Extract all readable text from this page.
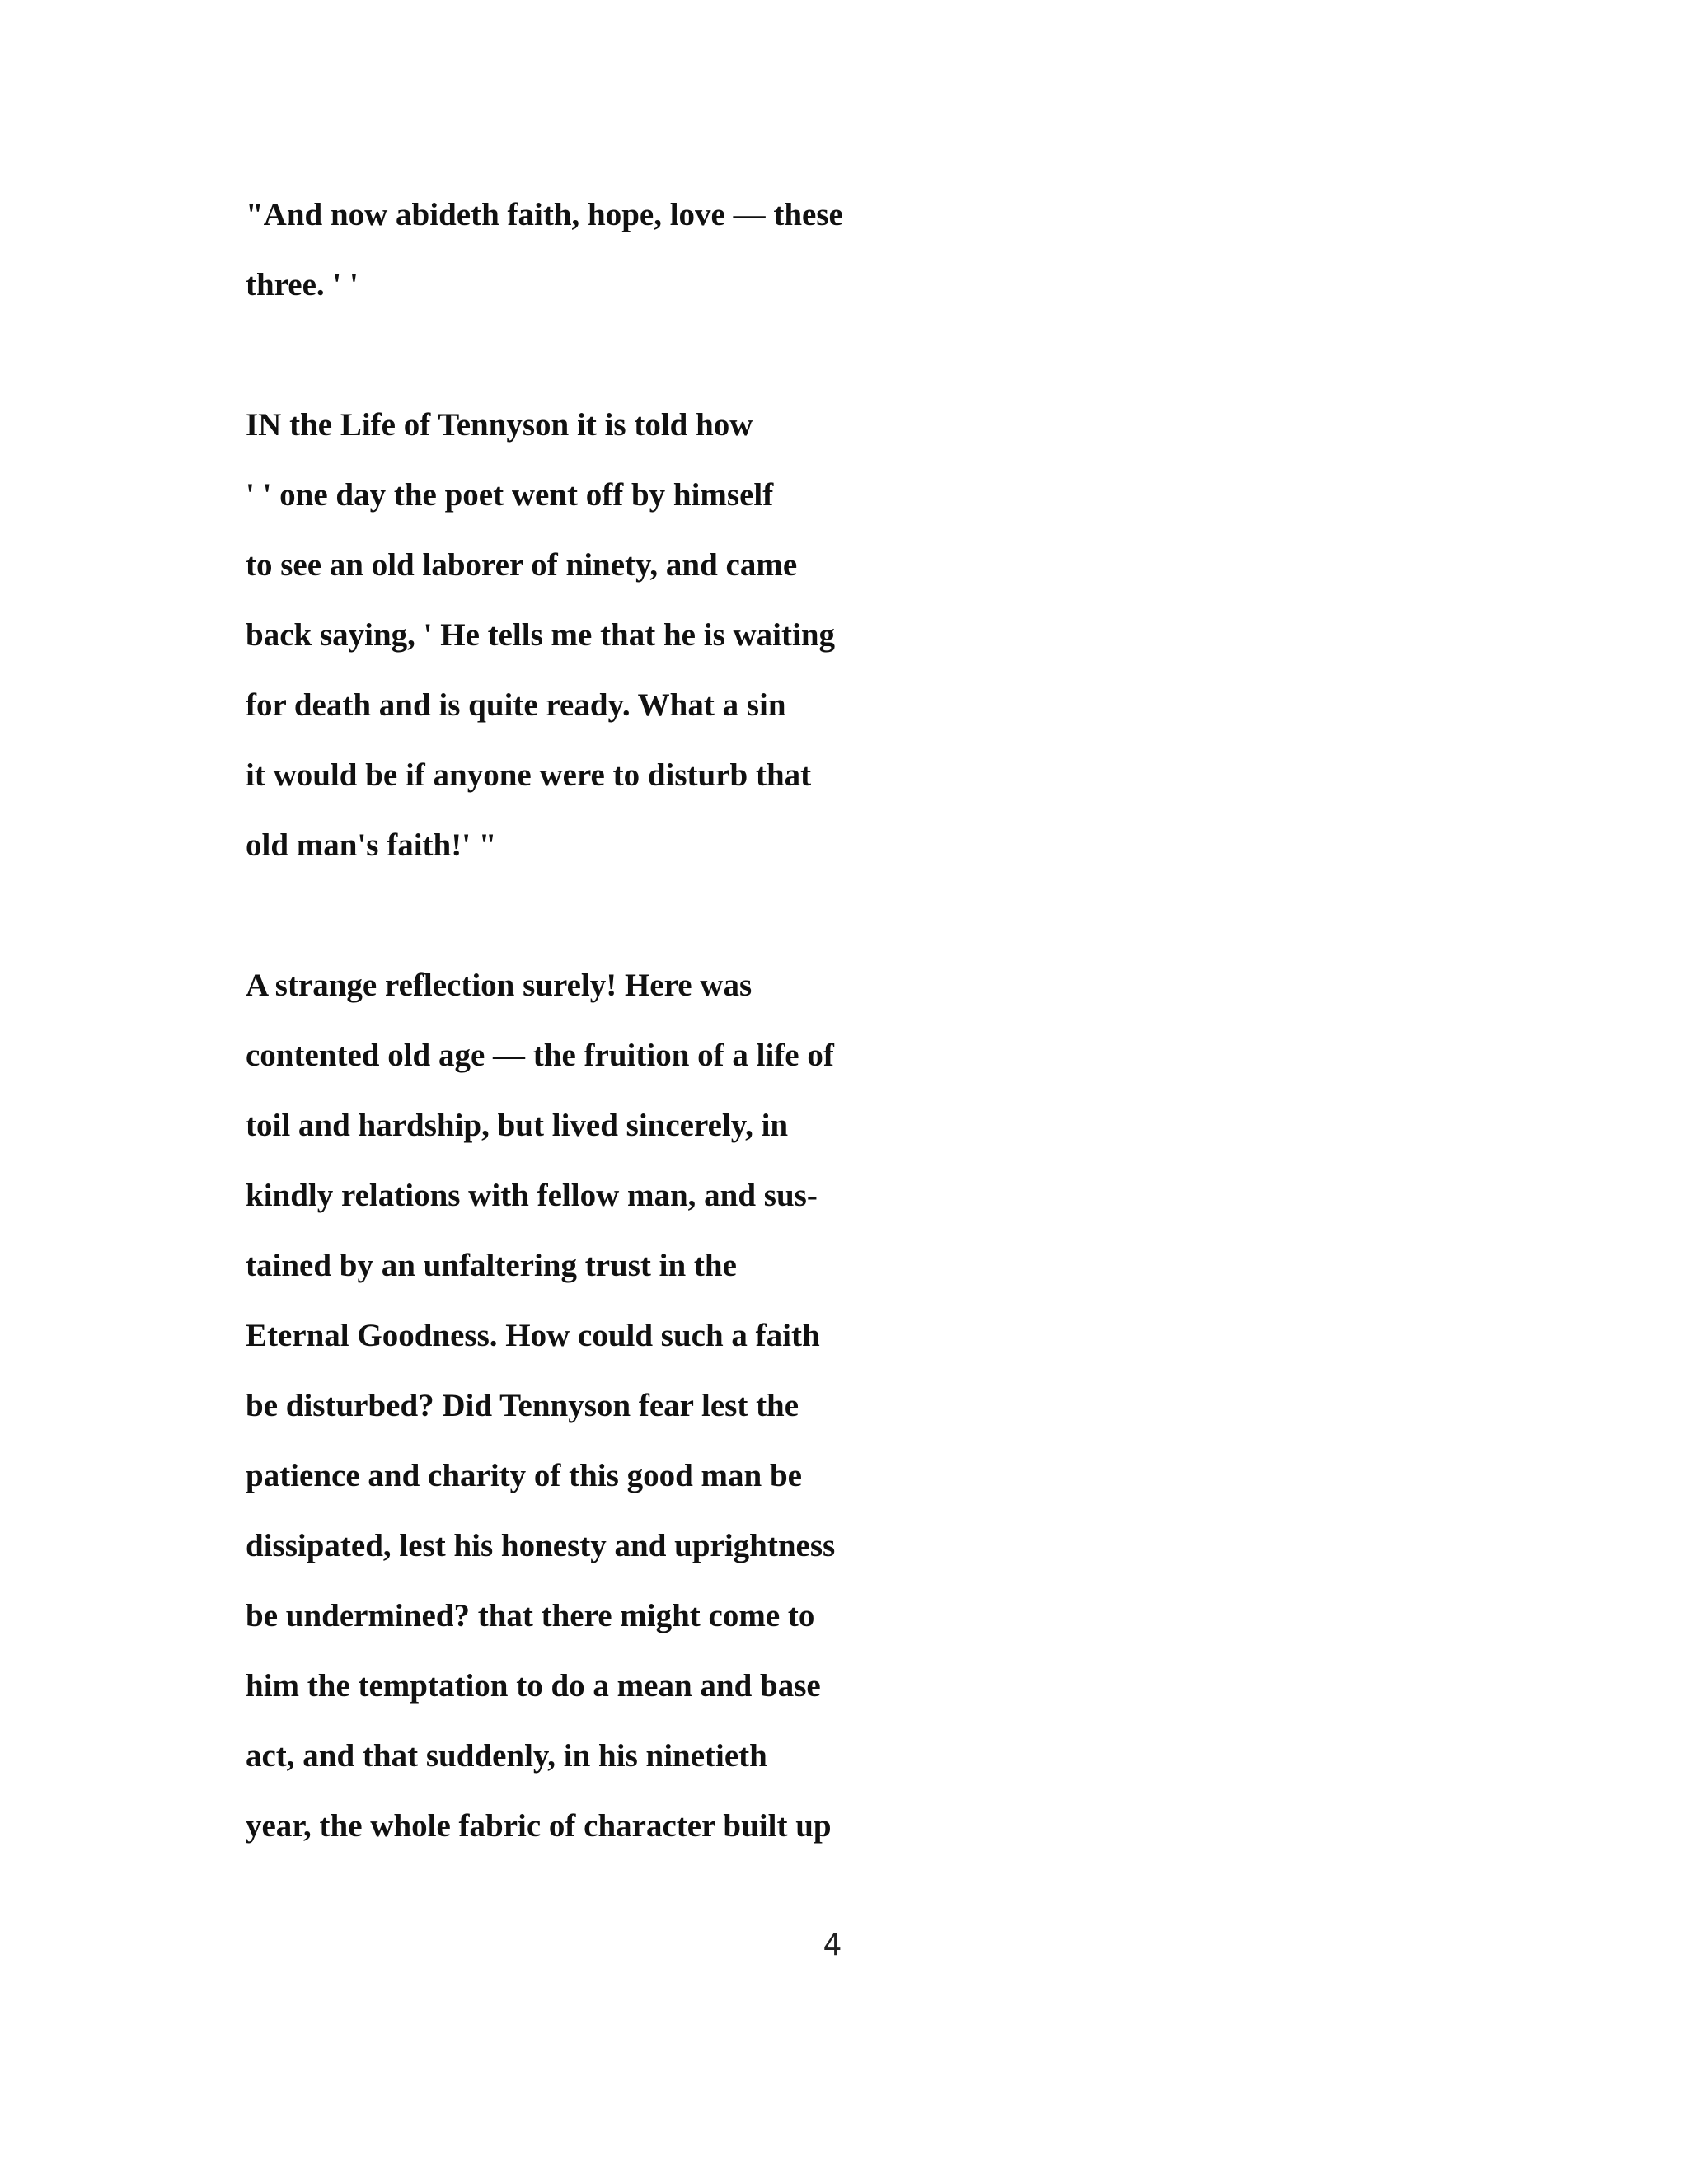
"And now abideth faith, hope, love — these

three. ' '

IN the Life of Tennyson it is told how

' ' one day the poet went off by himself

to see an old laborer of ninety, and came

back saying, ' He tells me that he is waiting

for death and is quite ready. What a sin

it would be if anyone were to disturb that

old man's faith!' "

A strange reflection surely! Here was

contented old age — the fruition of a life of

toil and hardship, but lived sincerely, in

kindly relations with fellow man, and sus-

tained by an unfaltering trust in the

Eternal Goodness. How could such a faith

be disturbed? Did Tennyson fear lest the

patience and charity of this good man be

dissipated, lest his honesty and uprightness

be undermined? that there might come to

him the temptation to do a mean and base

act, and that suddenly, in his ninetieth

year, the whole fabric of character built up

4
